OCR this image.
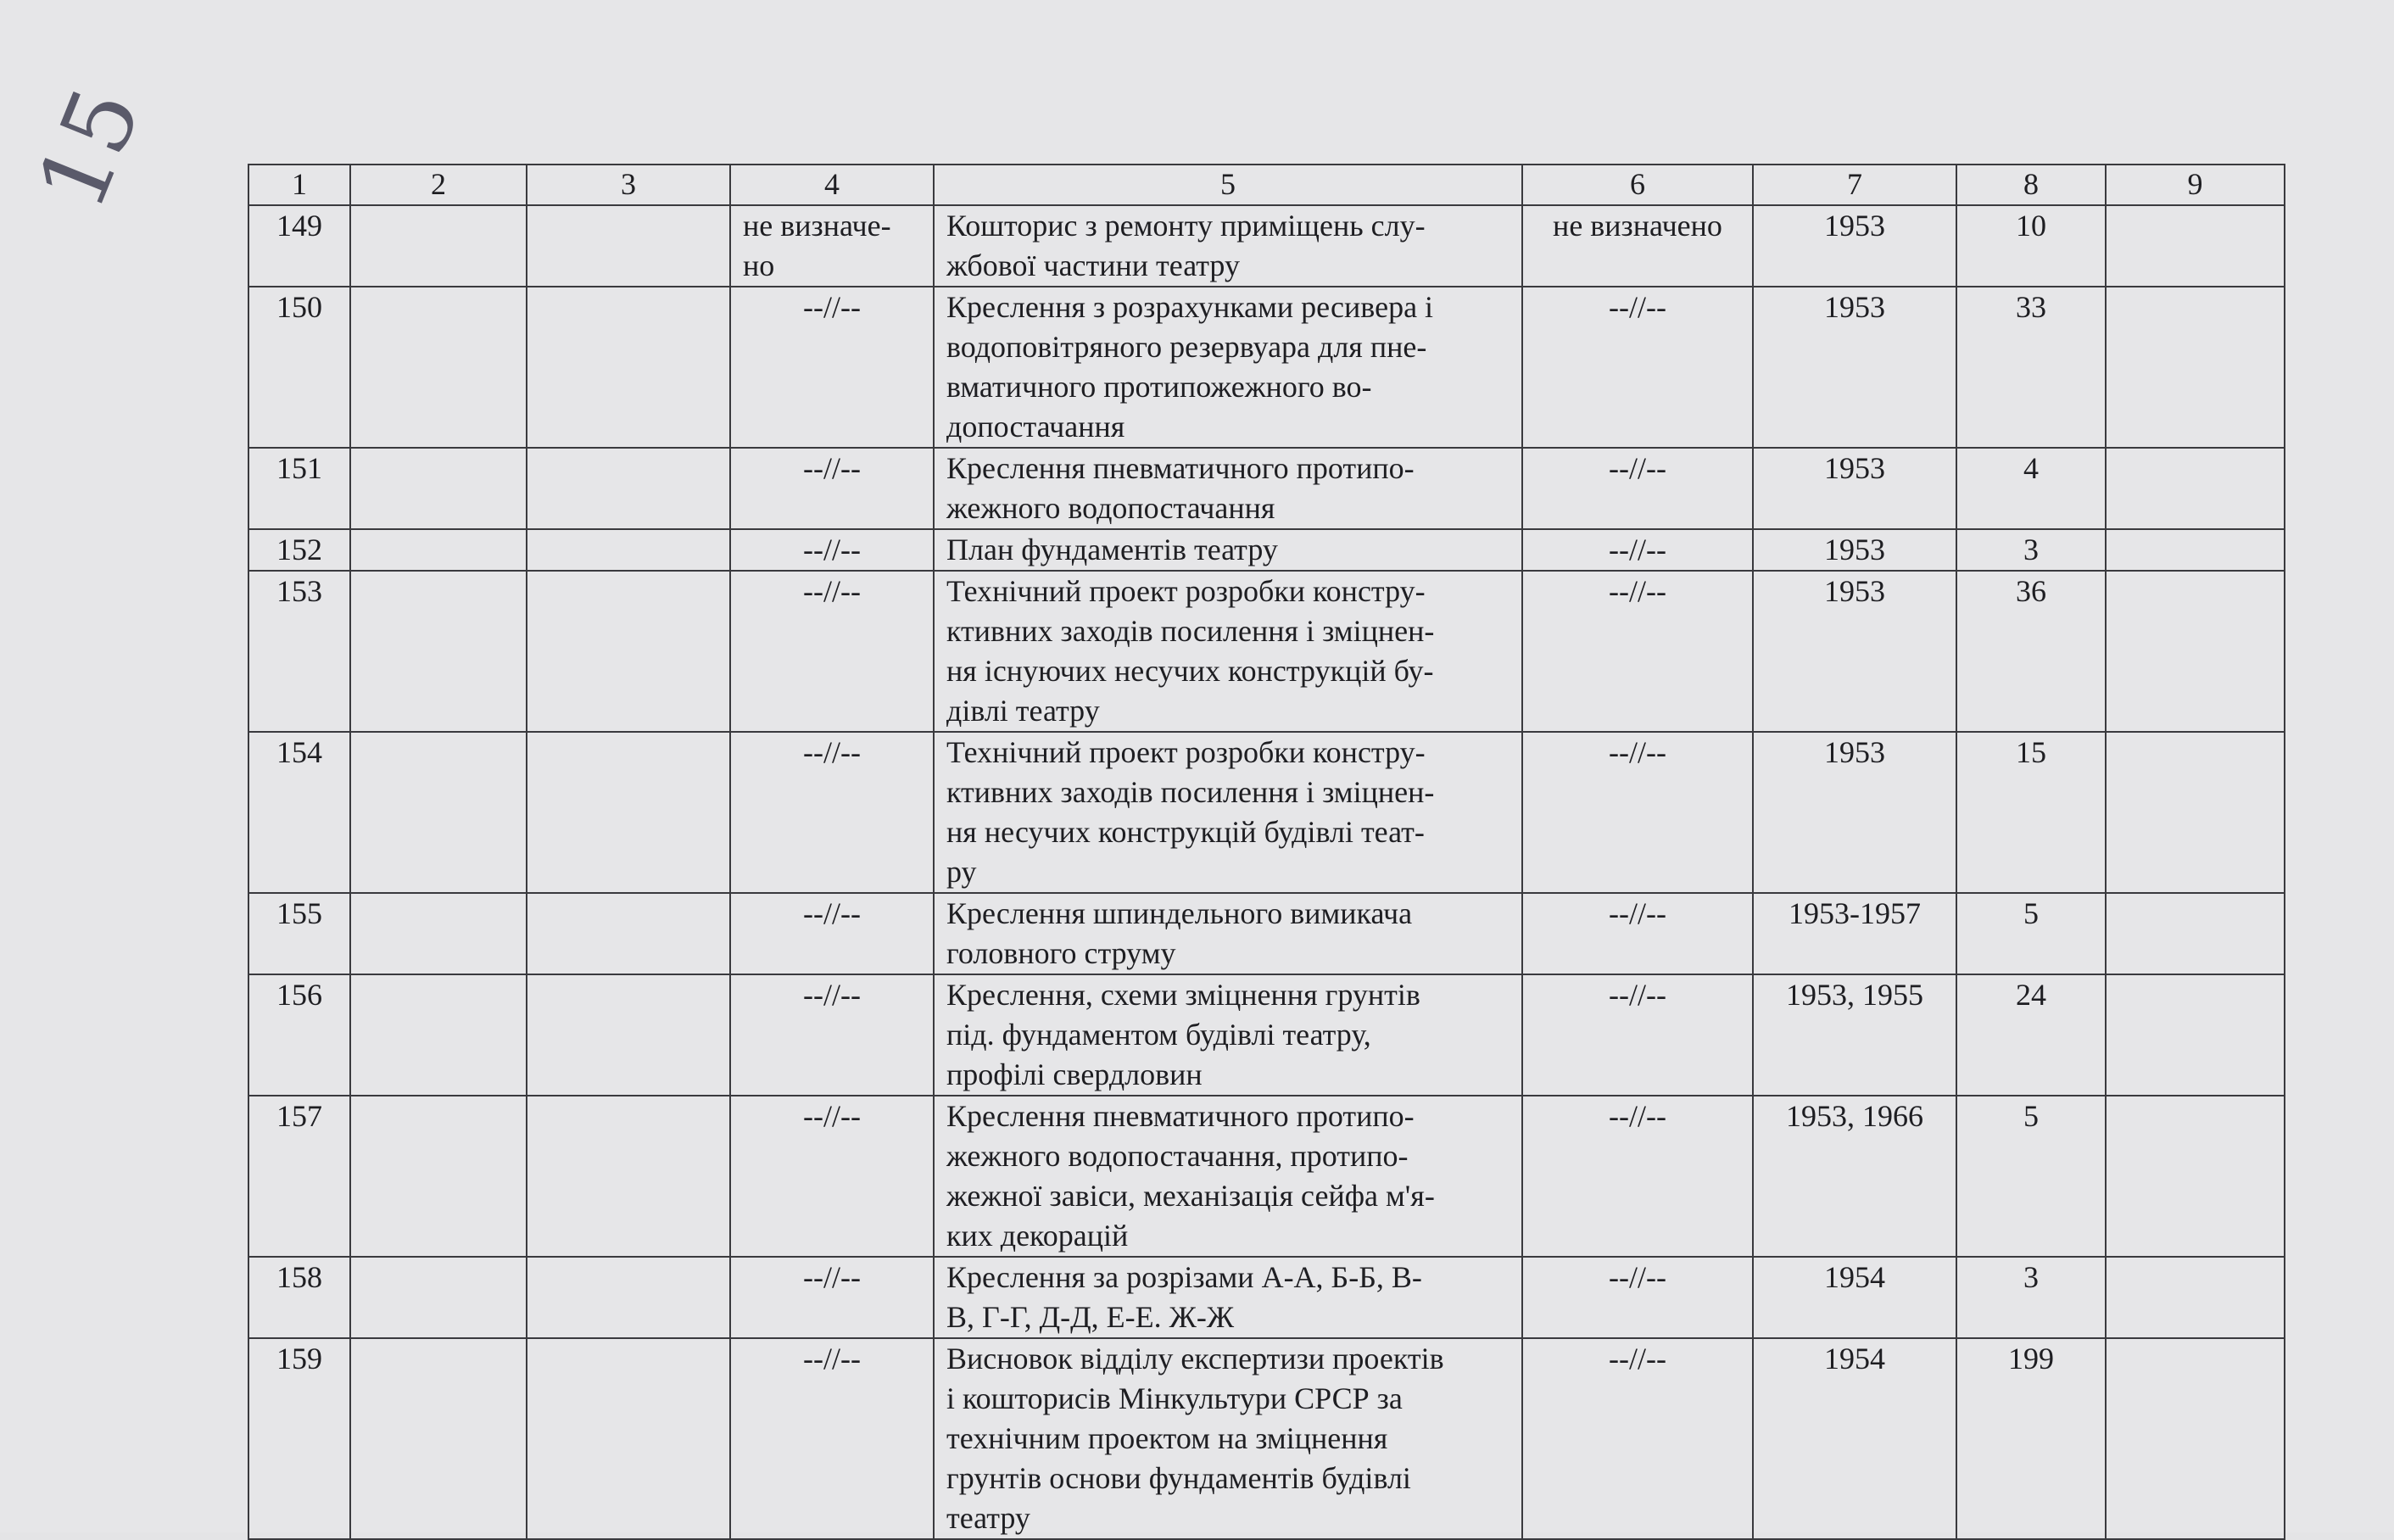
15	1	2	3	4	5	6	7	8	9
149			не визначе-
но	Кошторис з ремонту приміщень слу-
жбової частини театру	не визначено	1953	10	
150			--//--	Креслення з розрахунками ресивера і
водоповітряного резервуара для пне-
вматичного протипожежного во-
допостачання	--//--	1953	33	
151			--//--	Креслення пневматичного протипо-
жежного водопостачання	--//--	1953	4	
152			--//--	План фундаментів театру	--//--	1953	3	
153			--//--	Технічний проект розробки констру-
ктивних заходів посилення і зміцнен-
ня існуючих несучих конструкцій бу-
дівлі театру	--//--	1953	36	
154			--//--	Технічний проект розробки констру-
ктивних заходів посилення і зміцнен-
ня несучих конструкцій будівлі теат-
ру	--//--	1953	15	
155			--//--	Креслення шпиндельного вимикача
головного струму	--//--	1953-1957	5	
156			--//--	Креслення, схеми зміцнення грунтів
під. фундаментом будівлі театру,
профілі свердловин	--//--	1953, 1955	24	
157			--//--	Креслення пневматичного протипо-
жежного водопостачання, протипо-
жежної завіси, механізація сейфа м'я-
ких декорацій	--//--	1953, 1966	5	
158			--//--	Креслення за розрізами А-А, Б-Б, В-
В, Г-Г, Д-Д, Е-Е. Ж-Ж	--//--	1954	3	
159			--//--	Висновок відділу експертизи проектів
і кошторисів Мінкультури СРСР за
технічним проектом на зміцнення
грунтів основи фундаментів будівлі
театру	--//--	1954	199	
